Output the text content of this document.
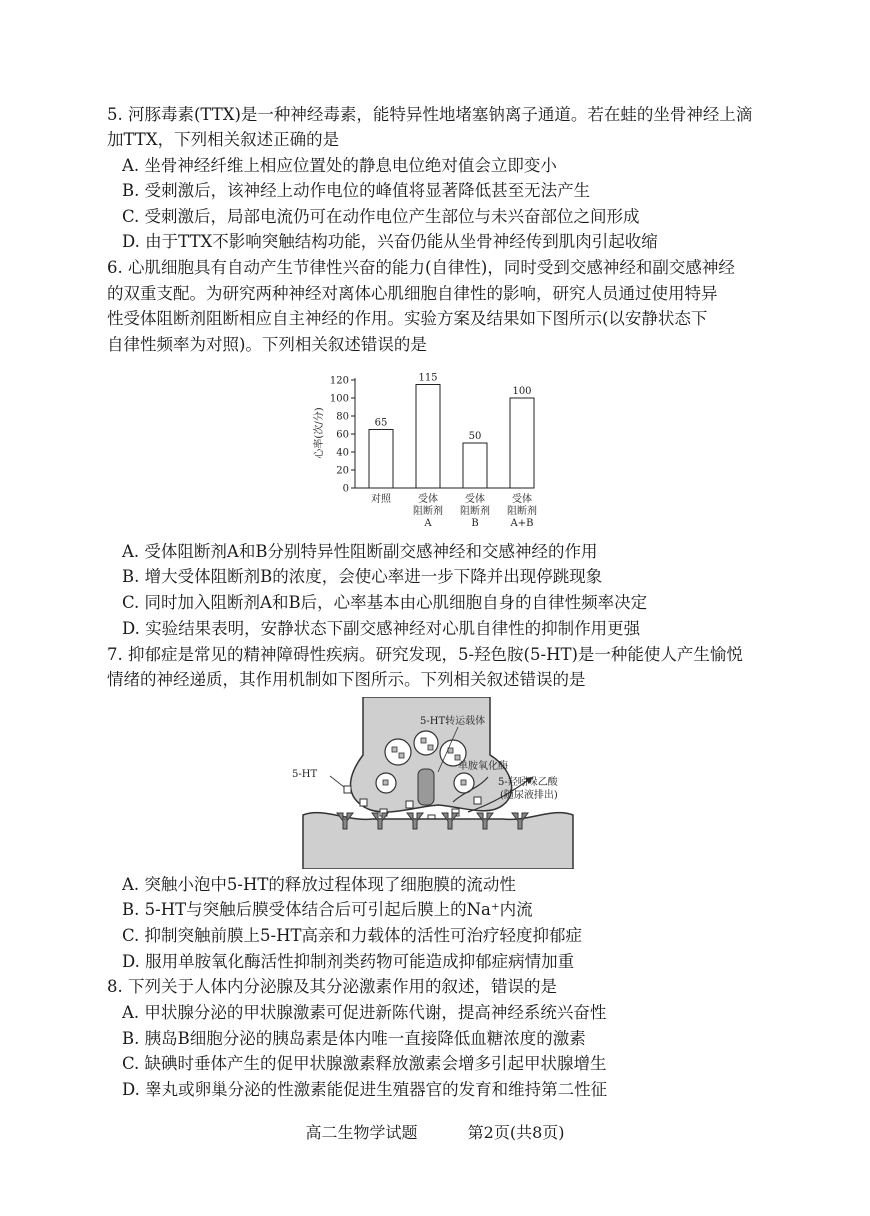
5. 河豚毒素(TTX)是一种神经毒素，能特异性地堵塞钠离子通道。若在蛙的坐骨神经上滴
加TTX，下列相关叙述正确的是
A. 坐骨神经纤维上相应位置处的静息电位绝对值会立即变小
B. 受刺激后，该神经上动作电位的峰值将显著降低甚至无法产生
C. 受刺激后，局部电流仍可在动作电位产生部位与未兴奋部位之间形成
D. 由于TTX不影响突触结构功能，兴奋仍能从坐骨神经传到肌肉引起收缩
6. 心肌细胞具有自动产生节律性兴奋的能力(自律性)，同时受到交感神经和副交感神经
的双重支配。为研究两种神经对离体心肌细胞自律性的影响，研究人员通过使用特异
性受体阻断剂阻断相应自主神经的作用。实验方案及结果如下图所示(以安静状态下
自律性频率为对照)。下列相关叙述错误的是
心率(次/分)
0
20
40
60
80
100
120
65
115
50
100
对照	受体
阻断剂
A
受体
阻断剂
B
受体
阻断剂
A+B
A. 受体阻断剂A和B分别特异性阻断副交感神经和交感神经的作用
B. 增大受体阻断剂B的浓度，会使心率进一步下降并出现停跳现象
C. 同时加入阻断剂A和B后，心率基本由心肌细胞自身的自律性频率决定
D. 实验结果表明，安静状态下副交感神经对心肌自律性的抑制作用更强
7. 抑郁症是常见的精神障碍性疾病。研究发现，5-羟色胺(5-HT)是一种能使人产生愉悦
情绪的神经递质，其作用机制如下图所示。下列相关叙述错误的是
5-HT转运载体
5-HT
单胺氧化酶
5-羟吲哚乙酸
(随尿液排出)
A. 突触小泡中5-HT的释放过程体现了细胞膜的流动性
B. 5-HT与突触后膜受体结合后可引起后膜上的Na⁺内流
C. 抑制突触前膜上5-HT高亲和力载体的活性可治疗轻度抑郁症
D. 服用单胺氧化酶活性抑制剂类药物可能造成抑郁症病情加重
8. 下列关于人体内分泌腺及其分泌激素作用的叙述，错误的是
A. 甲状腺分泌的甲状腺激素可促进新陈代谢，提高神经系统兴奋性
B. 胰岛B细胞分泌的胰岛素是体内唯一直接降低血糖浓度的激素
C. 缺碘时垂体产生的促甲状腺激素释放激素会增多引起甲状腺增生
D. 睾丸或卵巢分泌的性激素能促进生殖器官的发育和维持第二性征
高二生物学试题	第2页(共8页)
